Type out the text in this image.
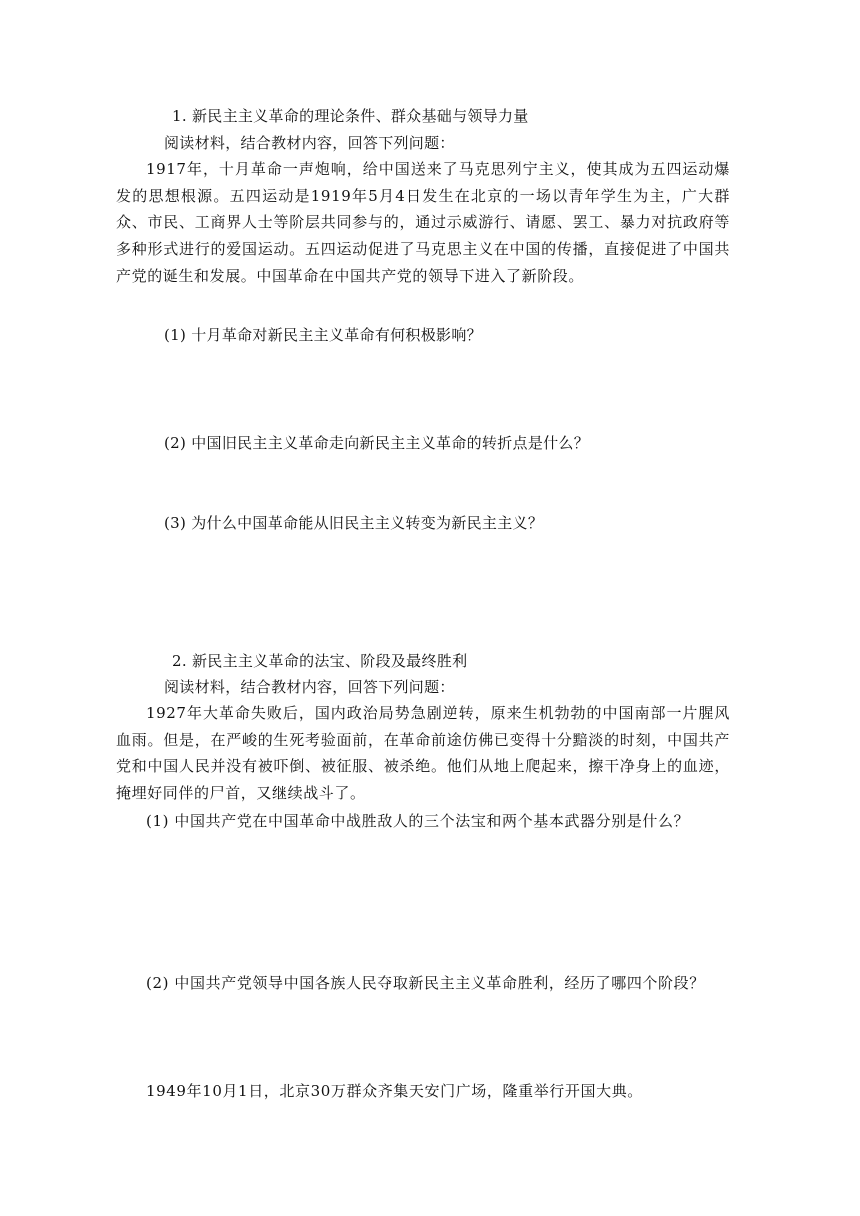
1. 新民主主义革命的理论条件、群众基础与领导力量
阅读材料，结合教材内容，回答下列问题：

1917年，十月革命一声炮响，给中国送来了马克思列宁主义，使其成为五四运动爆发的思想根源。五四运动是1919年5月4日发生在北京的一场以青年学生为主，广大群众、市民、工商界人士等阶层共同参与的，通过示威游行、请愿、罢工、暴力对抗政府等多种形式进行的爱国运动。五四运动促进了马克思主义在中国的传播，直接促进了中国共产党的诞生和发展。中国革命在中国共产党的领导下进入了新阶段。

(1) 十月革命对新民主主义革命有何积极影响？
(2) 中国旧民主主义革命走向新民主主义革命的转折点是什么？
(3) 为什么中国革命能从旧民主主义转变为新民主主义？
2. 新民主主义革命的法宝、阶段及最终胜利
阅读材料，结合教材内容，回答下列问题：

1927年大革命失败后，国内政治局势急剧逆转，原来生机勃勃的中国南部一片腥风血雨。但是，在严峻的生死考验面前，在革命前途仿佛已变得十分黯淡的时刻，中国共产党和中国人民并没有被吓倒、被征服、被杀绝。他们从地上爬起来，擦干净身上的血迹，掩埋好同伴的尸首，又继续战斗了。

(1) 中国共产党在中国革命中战胜敌人的三个法宝和两个基本武器分别是什么？

(2) 中国共产党领导中国各族人民夺取新民主主义革命胜利，经历了哪四个阶段？

1949年10月1日，北京30万群众齐集天安门广场，隆重举行开国大典。
